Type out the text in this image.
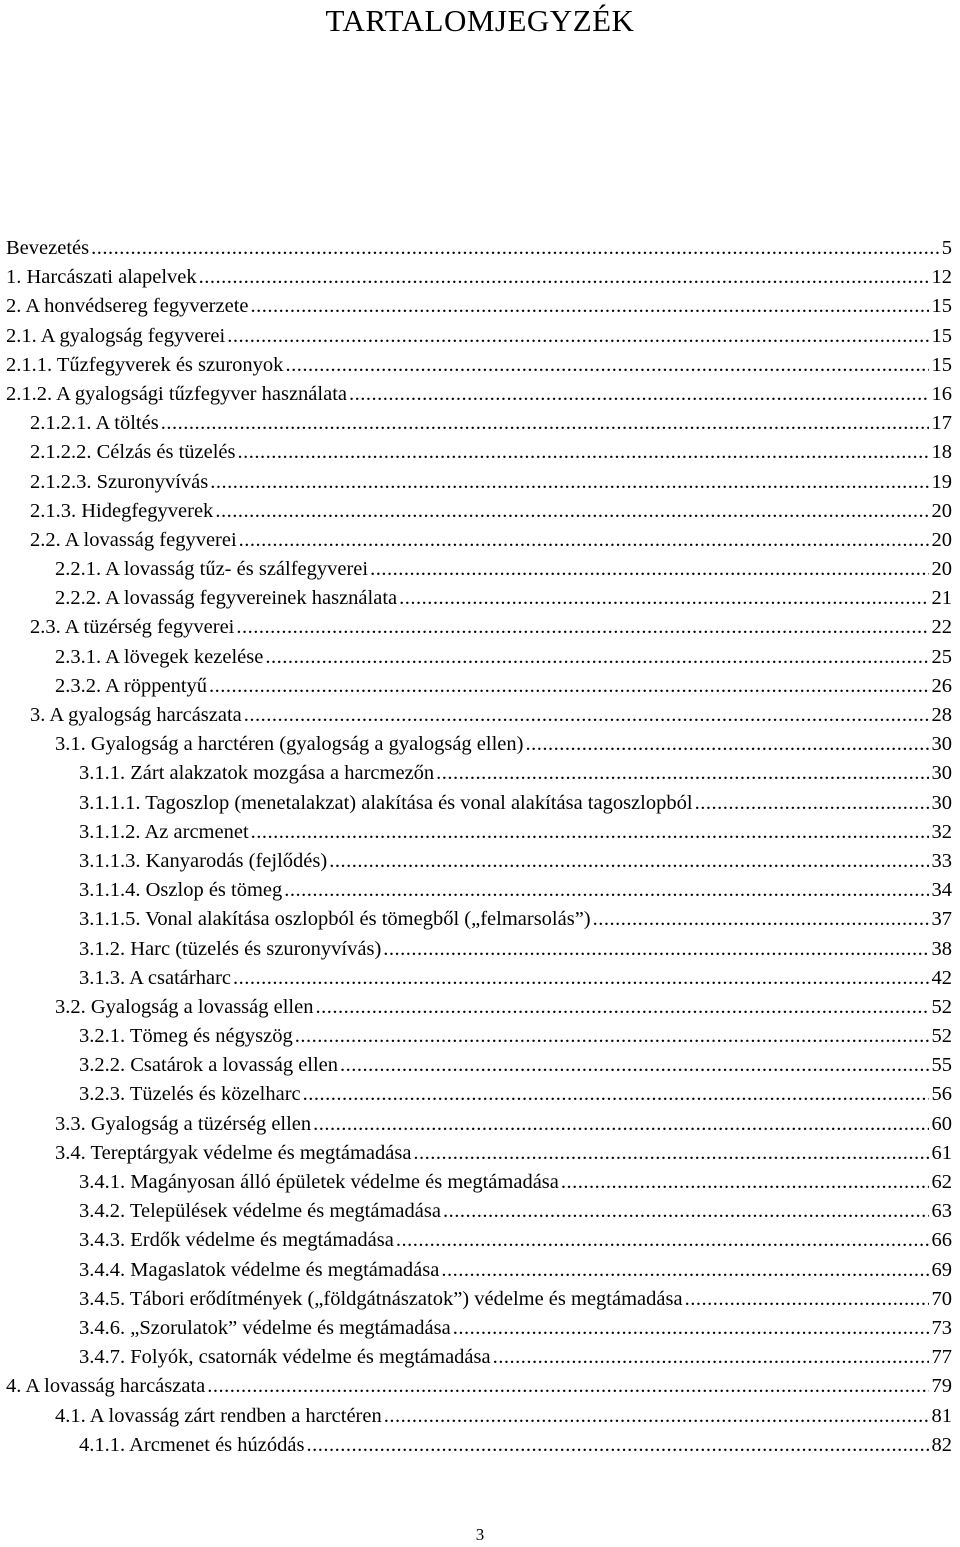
TARTALOMJEGYZÉK
Bevezetés .....	5
1. Harcászati alapelvek .....	12
2. A honvédsereg fegyverzete .....	15
2.1. A gyalogság fegyverei .....	15
2.1.1. Tűzfegyverek és szuronyok .....	15
2.1.2. A gyalogsági tűzfegyver használata .....	16
2.1.2.1. A töltés .....	17
2.1.2.2. Célzás és tüzelés .....	18
2.1.2.3. Szuronyvívás .....	19
2.1.3. Hidegfegyverek .....	20
2.2. A lovasság fegyverei .....	20
2.2.1. A lovasság tűz- és szálfegyverei .....	20
2.2.2. A lovasság fegyvereinek használata .....	21
2.3. A tüzérség fegyverei .....	22
2.3.1. A lövegek kezelése .....	25
2.3.2. A röppentyű .....	26
3. A gyalogság harcászata .....	28
3.1. Gyalogság a harctéren (gyalogság a gyalogság ellen) .....	30
3.1.1. Zárt alakzatok mozgása a harcmezőn .....	30
3.1.1.1. Tagoszlop (menetalakzat) alakítása és vonal alakítása tagoszlopból .....	30
3.1.1.2. Az arcmenet .....	32
3.1.1.3. Kanyarodás (fejlődés) .....	33
3.1.1.4. Oszlop és tömeg .....	34
3.1.1.5. Vonal alakítása oszlopból és tömegből („felmarsolás”) .....	37
3.1.2. Harc (tüzelés és szuronyvívás) .....	38
3.1.3. A csatárharc .....	42
3.2. Gyalogság a lovasság ellen .....	52
3.2.1. Tömeg és négyszög .....	52
3.2.2. Csatárok a lovasság ellen .....	55
3.2.3. Tüzelés és közelharc .....	56
3.3. Gyalogság a tüzérség ellen .....	60
3.4. Tereptárgyak védelme és megtámadása .....	61
3.4.1. Magányosan álló épületek védelme és megtámadása .....	62
3.4.2. Települések védelme és megtámadása .....	63
3.4.3. Erdők védelme és megtámadása .....	66
3.4.4. Magaslatok védelme és megtámadása .....	69
3.4.5. Tábori erődítmények („földgátnászatok”) védelme és megtámadása .....	70
3.4.6. „Szorulatok” védelme és megtámadása .....	73
3.4.7. Folyók, csatornák védelme és megtámadása .....	77
4. A lovasság harcászata .....	79
4.1. A lovasság zárt rendben a harctéren .....	81
4.1.1. Arcmenet és húzódás .....	82
3
